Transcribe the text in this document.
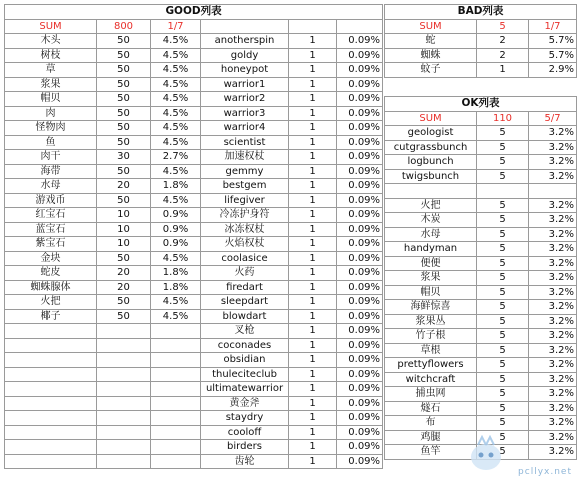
GOOD列表					
SUM	800	1/7			
木头	50	4.5%	anotherspin	1	0.09%
树枝	50	4.5%	goldy	1	0.09%
草	50	4.5%	honeypot	1	0.09%
浆果	50	4.5%	warrior1	1	0.09%
帽贝	50	4.5%	warrior2	1	0.09%
肉	50	4.5%	warrior3	1	0.09%
怪物肉	50	4.5%	warrior4	1	0.09%
鱼	50	4.5%	scientist	1	0.09%
肉干	30	2.7%	加速权杖	1	0.09%
海带	50	4.5%	gemmy	1	0.09%
水母	20	1.8%	bestgem	1	0.09%
游戏币	50	4.5%	lifegiver	1	0.09%
红宝石	10	0.9%	冷冻护身符	1	0.09%
蓝宝石	10	0.9%	冰冻权杖	1	0.09%
紫宝石	10	0.9%	火焰权杖	1	0.09%
金块	50	4.5%	coolasice	1	0.09%
蛇皮	20	1.8%	火药	1	0.09%
蜘蛛腺体	20	1.8%	firedart	1	0.09%
火把	50	4.5%	sleepdart	1	0.09%
椰子	50	4.5%	blowdart	1	0.09%
			叉枪	1	0.09%
			coconades	1	0.09%
			obsidian	1	0.09%
			thuleciteclub	1	0.09%
			ultimatewarrior	1	0.09%
			黄金斧	1	0.09%
			staydry	1	0.09%
			cooloff	1	0.09%
			birders	1	0.09%
			齿轮	1	0.09%
BAD列表		
SUM	5	1/7
蛇	2	5.7%
蜘蛛	2	5.7%
蚊子	1	2.9%
OK列表		
SUM	110	5/7
geologist	5	3.2%
cutgrassbunch	5	3.2%
logbunch	5	3.2%
twigsbunch	5	3.2%

火把	5	3.2%
木炭	5	3.2%
水母	5	3.2%
handyman	5	3.2%
便便	5	3.2%
浆果	5	3.2%
帽贝	5	3.2%
海鲜惊喜	5	3.2%
浆果丛	5	3.2%
竹子根	5	3.2%
草根	5	3.2%
prettyflowers	5	3.2%
witchcraft	5	3.2%
捕虫网	5	3.2%
燧石	5	3.2%
布	5	3.2%
鸡腿	5	3.2%
鱼竿	5	3.2%
pcllyx.net
